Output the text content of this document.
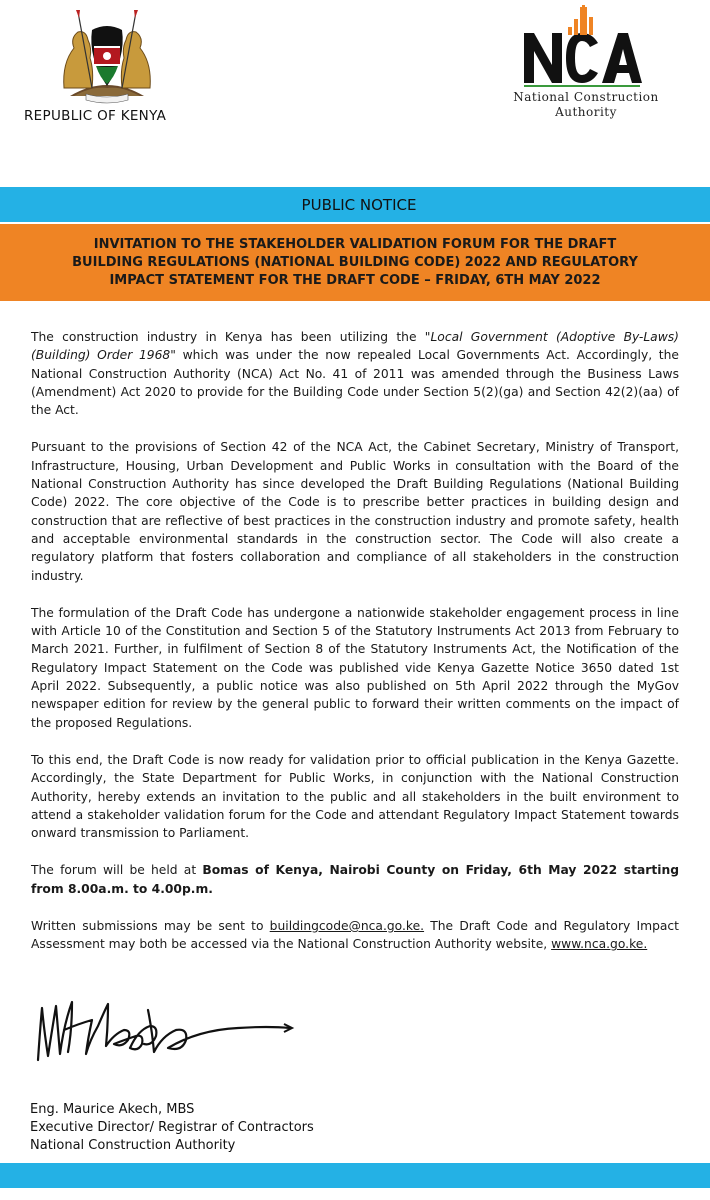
REPUBLIC OF KENYA
NCA
National Construction
Authority
PUBLIC NOTICE
INVITATION TO THE STAKEHOLDER VALIDATION FORUM FOR THE DRAFT
BUILDING REGULATIONS (NATIONAL BUILDING CODE) 2022 AND REGULATORY
IMPACT STATEMENT FOR THE DRAFT CODE – FRIDAY, 6TH MAY 2022

The construction industry in Kenya has been utilizing the "Local Government (Adoptive By-Laws) (Building) Order 1968" which was under the now repealed Local Governments Act. Accordingly, the National Construction Authority (NCA) Act No. 41 of 2011 was amended through the Business Laws (Amendment) Act 2020 to provide for the Building Code under Section 5(2)(ga) and Section 42(2)(aa) of the Act.

Pursuant to the provisions of Section 42 of the NCA Act, the Cabinet Secretary, Ministry of Transport, Infrastructure, Housing, Urban Development and Public Works in consultation with the Board of the National Construction Authority has since developed the Draft Building Regulations (National Building Code) 2022. The core objective of the Code is to prescribe better practices in building design and construction that are reflective of best practices in the construction industry and promote safety, health and acceptable environmental standards in the construction sector. The Code will also create a regulatory platform that fosters collaboration and compliance of all stakeholders in the construction industry.

The formulation of the Draft Code has undergone a nationwide stakeholder engagement process in line with Article 10 of the Constitution and Section 5 of the Statutory Instruments Act 2013 from February to March 2021. Further, in fulfilment of Section 8 of the Statutory Instruments Act, the Notification of the Regulatory Impact Statement on the Code was published vide Kenya Gazette Notice 3650 dated 1st April 2022. Subsequently, a public notice was also published on 5th April 2022 through the MyGov newspaper edition for review by the general public to forward their written comments on the impact of the proposed Regulations.

To this end, the Draft Code is now ready for validation prior to official publication in the Kenya Gazette. Accordingly, the State Department for Public Works, in conjunction with the National Construction Authority, hereby extends an invitation to the public and all stakeholders in the built environment to attend a stakeholder validation forum for the Code and attendant Regulatory Impact Statement towards onward transmission to Parliament.

The forum will be held at Bomas of Kenya, Nairobi County on Friday, 6th May 2022 starting from 8.00a.m. to 4.00p.m.

Written submissions may be sent to buildingcode@nca.go.ke. The Draft Code and Regulatory Impact Assessment may both be accessed via the National Construction Authority website, www.nca.go.ke.

Eng. Maurice Akech, MBS
Executive Director/ Registrar of Contractors
National Construction Authority
